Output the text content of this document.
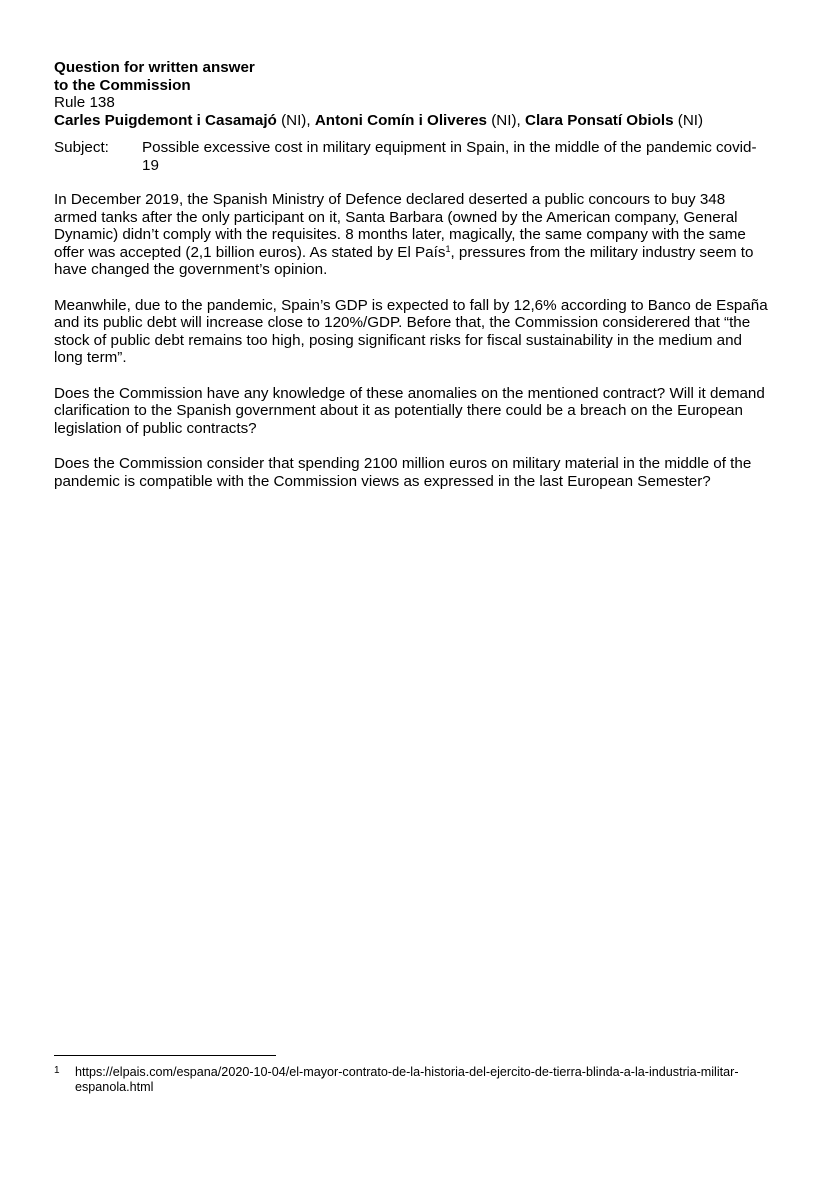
Question for written answer
to the Commission
Rule 138
Carles Puigdemont i Casamajó (NI), Antoni Comín i Oliveres (NI), Clara Ponsatí Obiols (NI)
Subject:	Possible excessive cost in military equipment in Spain, in the middle of the pandemic covid-19

In December 2019, the Spanish Ministry of Defence declared deserted a public concours to buy 348 armed tanks after the only participant on it, Santa Barbara (owned by the American company, General Dynamic) didn’t comply with the requisites. 8 months later, magically, the same company with the same offer was accepted (2,1 billion euros). As stated by El País$^1$, pressures from the military industry seem to have changed the government’s opinion.

Meanwhile, due to the pandemic, Spain’s GDP is expected to fall by 12,6% according to Banco de España and its public debt will increase close to 120%/GDP. Before that, the Commission considerered that “the stock of public debt remains too high, posing significant risks for fiscal sustainability in the medium and long term”.

Does the Commission have any knowledge of these anomalies on the mentioned contract? Will it demand clarification to the Spanish government about it as potentially there could be a breach on the European legislation of public contracts?

Does the Commission consider that spending 2100 million euros on military material in the middle of the pandemic is compatible with the Commission views as expressed in the last European Semester?

1	https://elpais.com/espana/2020-10-04/el-mayor-contrato-de-la-historia-del-ejercito-de-tierra-blinda-a-la-industria-militar-espanola.html
